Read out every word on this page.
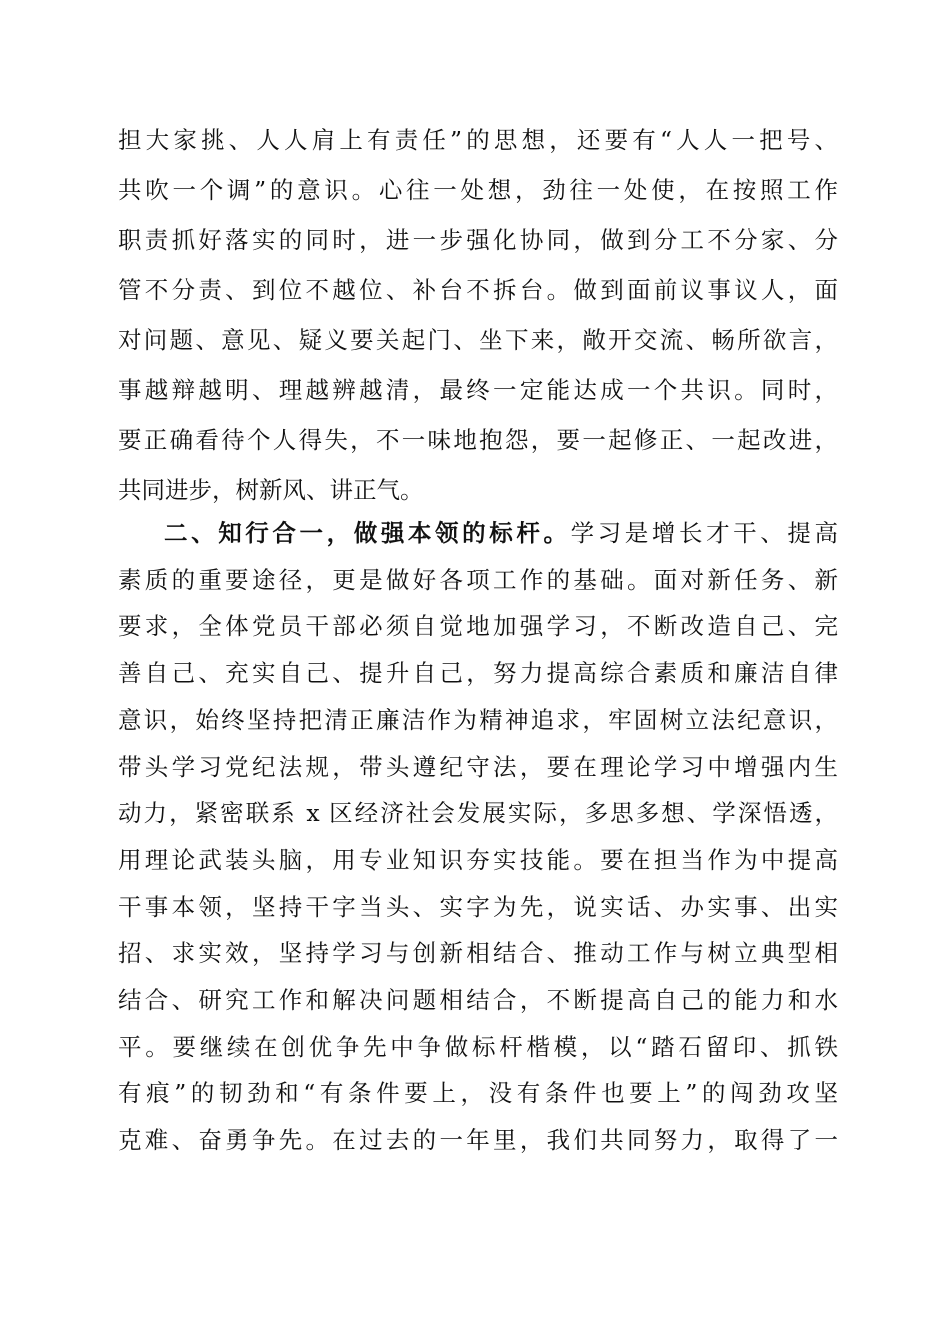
担大家挑、人人肩上有责任”的思想，还要有“人人一把号、
共吹一个调”的意识。心往一处想，劲往一处使，在按照工作
职责抓好落实的同时，进一步强化协同，做到分工不分家、分
管不分责、到位不越位、补台不拆台。做到面前议事议人，面
对问题、意见、疑义要关起门、坐下来，敞开交流、畅所欲言，
事越辩越明、理越辨越清，最终一定能达成一个共识。同时，
要正确看待个人得失，不一味地抱怨，要一起修正、一起改进，
共同进步，树新风、讲正气。
二、知行合一，做强本领的标杆。学习是增长才干、提高
素质的重要途径，更是做好各项工作的基础。面对新任务、新
要求，全体党员干部必须自觉地加强学习，不断改造自己、完
善自己、充实自己、提升自己，努力提高综合素质和廉洁自律
意识，始终坚持把清正廉洁作为精神追求，牢固树立法纪意识，
带头学习党纪法规，带头遵纪守法，要在理论学习中增强内生
动力，紧密联系 x 区经济社会发展实际，多思多想、学深悟透，
用理论武装头脑，用专业知识夯实技能。要在担当作为中提高
干事本领，坚持干字当头、实字为先，说实话、办实事、出实
招、求实效，坚持学习与创新相结合、推动工作与树立典型相
结合、研究工作和解决问题相结合，不断提高自己的能力和水
平。要继续在创优争先中争做标杆楷模，以“踏石留印、抓铁
有痕”的韧劲和“有条件要上，没有条件也要上”的闯劲攻坚
克难、奋勇争先。在过去的一年里，我们共同努力，取得了一
